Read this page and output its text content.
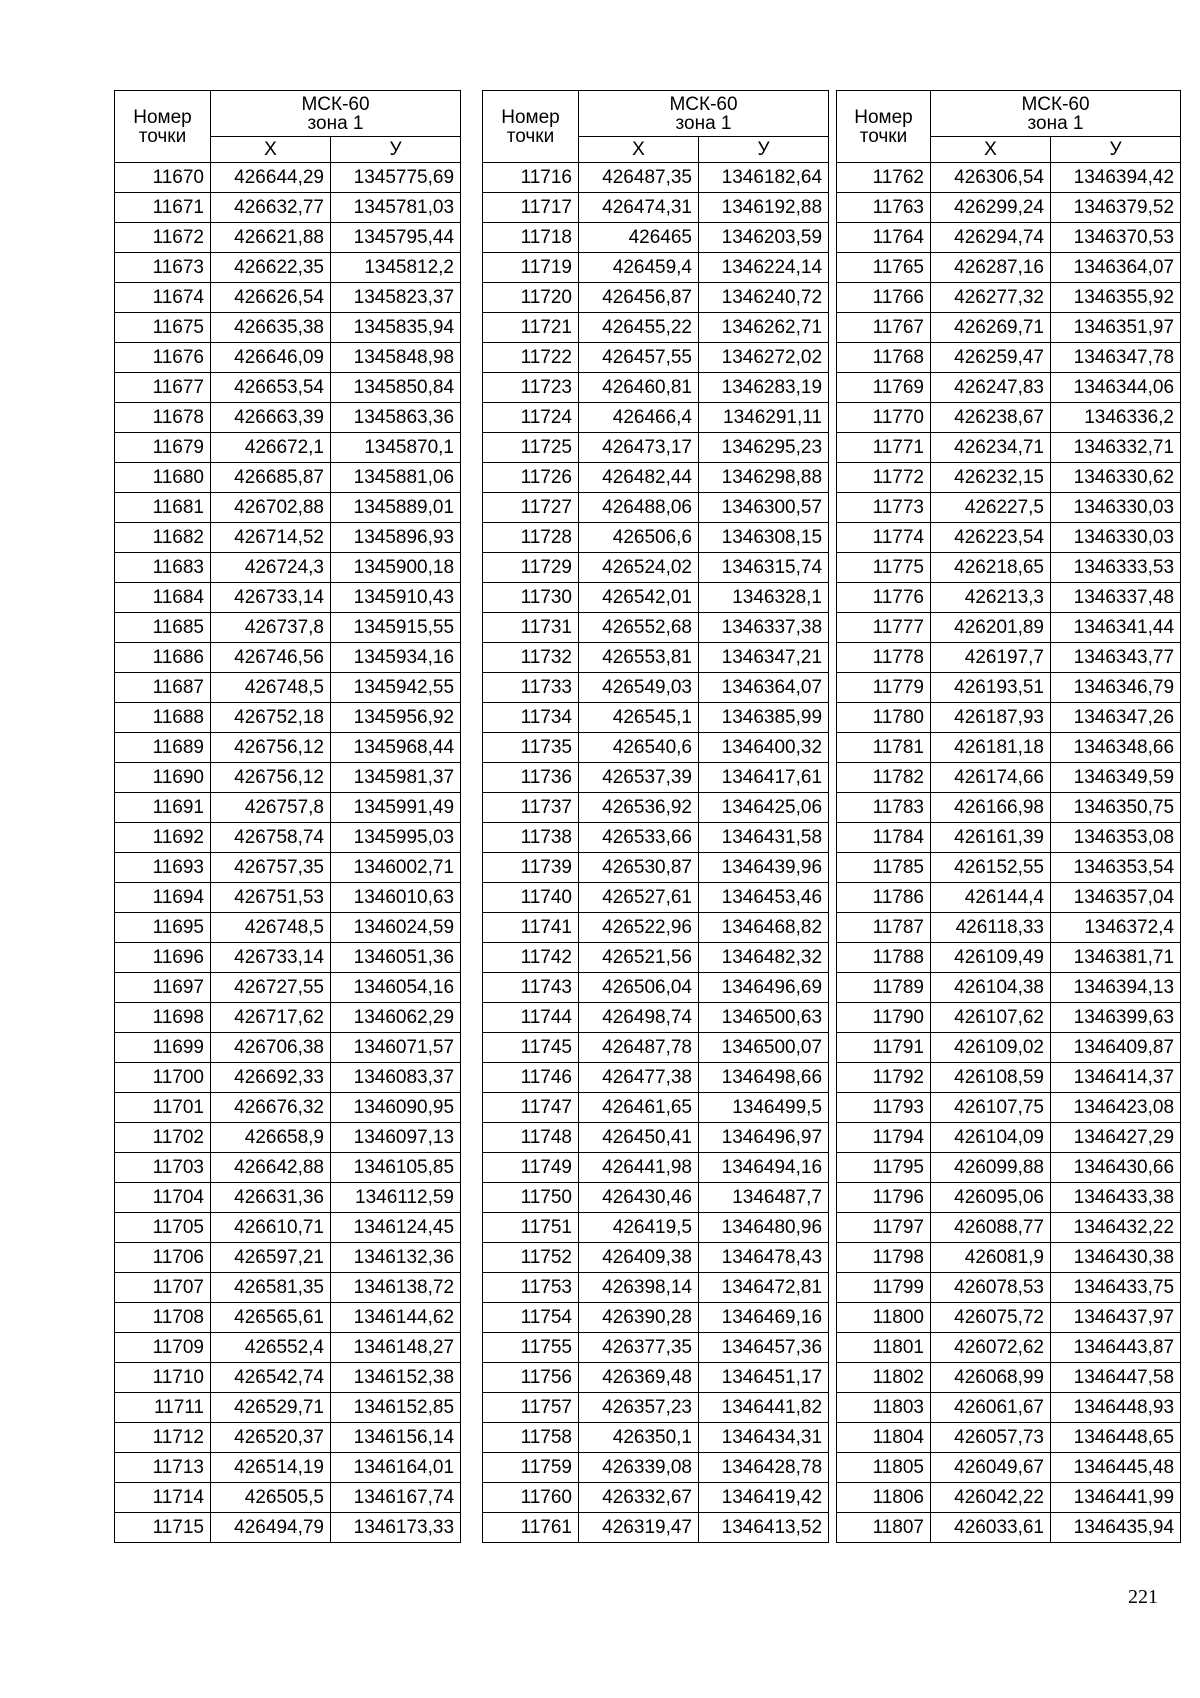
Номер
точки	МСК-60
зона 1	

	Х	У
11670	426644,29	1345775,69
11671	426632,77	1345781,03
11672	426621,88	1345795,44
11673	426622,35	1345812,2
11674	426626,54	1345823,37
11675	426635,38	1345835,94
11676	426646,09	1345848,98
11677	426653,54	1345850,84
11678	426663,39	1345863,36
11679	426672,1	1345870,1
11680	426685,87	1345881,06
11681	426702,88	1345889,01
11682	426714,52	1345896,93
11683	426724,3	1345900,18
11684	426733,14	1345910,43
11685	426737,8	1345915,55
11686	426746,56	1345934,16
11687	426748,5	1345942,55
11688	426752,18	1345956,92
11689	426756,12	1345968,44
11690	426756,12	1345981,37
11691	426757,8	1345991,49
11692	426758,74	1345995,03
11693	426757,35	1346002,71
11694	426751,53	1346010,63
11695	426748,5	1346024,59
11696	426733,14	1346051,36
11697	426727,55	1346054,16
11698	426717,62	1346062,29
11699	426706,38	1346071,57
11700	426692,33	1346083,37
11701	426676,32	1346090,95
11702	426658,9	1346097,13
11703	426642,88	1346105,85
11704	426631,36	1346112,59
11705	426610,71	1346124,45
11706	426597,21	1346132,36
11707	426581,35	1346138,72
11708	426565,61	1346144,62
11709	426552,4	1346148,27
11710	426542,74	1346152,38
11711	426529,71	1346152,85
11712	426520,37	1346156,14
11713	426514,19	1346164,01
11714	426505,5	1346167,74
11715	426494,79	1346173,33
Номер
точки	МСК-60
зона 1	

	Х	У
11716	426487,35	1346182,64
11717	426474,31	1346192,88
11718	426465	1346203,59
11719	426459,4	1346224,14
11720	426456,87	1346240,72
11721	426455,22	1346262,71
11722	426457,55	1346272,02
11723	426460,81	1346283,19
11724	426466,4	1346291,11
11725	426473,17	1346295,23
11726	426482,44	1346298,88
11727	426488,06	1346300,57
11728	426506,6	1346308,15
11729	426524,02	1346315,74
11730	426542,01	1346328,1
11731	426552,68	1346337,38
11732	426553,81	1346347,21
11733	426549,03	1346364,07
11734	426545,1	1346385,99
11735	426540,6	1346400,32
11736	426537,39	1346417,61
11737	426536,92	1346425,06
11738	426533,66	1346431,58
11739	426530,87	1346439,96
11740	426527,61	1346453,46
11741	426522,96	1346468,82
11742	426521,56	1346482,32
11743	426506,04	1346496,69
11744	426498,74	1346500,63
11745	426487,78	1346500,07
11746	426477,38	1346498,66
11747	426461,65	1346499,5
11748	426450,41	1346496,97
11749	426441,98	1346494,16
11750	426430,46	1346487,7
11751	426419,5	1346480,96
11752	426409,38	1346478,43
11753	426398,14	1346472,81
11754	426390,28	1346469,16
11755	426377,35	1346457,36
11756	426369,48	1346451,17
11757	426357,23	1346441,82
11758	426350,1	1346434,31
11759	426339,08	1346428,78
11760	426332,67	1346419,42
11761	426319,47	1346413,52
Номер
точки	МСК-60
зона 1	

	Х	У
11762	426306,54	1346394,42
11763	426299,24	1346379,52
11764	426294,74	1346370,53
11765	426287,16	1346364,07
11766	426277,32	1346355,92
11767	426269,71	1346351,97
11768	426259,47	1346347,78
11769	426247,83	1346344,06
11770	426238,67	1346336,2
11771	426234,71	1346332,71
11772	426232,15	1346330,62
11773	426227,5	1346330,03
11774	426223,54	1346330,03
11775	426218,65	1346333,53
11776	426213,3	1346337,48
11777	426201,89	1346341,44
11778	426197,7	1346343,77
11779	426193,51	1346346,79
11780	426187,93	1346347,26
11781	426181,18	1346348,66
11782	426174,66	1346349,59
11783	426166,98	1346350,75
11784	426161,39	1346353,08
11785	426152,55	1346353,54
11786	426144,4	1346357,04
11787	426118,33	1346372,4
11788	426109,49	1346381,71
11789	426104,38	1346394,13
11790	426107,62	1346399,63
11791	426109,02	1346409,87
11792	426108,59	1346414,37
11793	426107,75	1346423,08
11794	426104,09	1346427,29
11795	426099,88	1346430,66
11796	426095,06	1346433,38
11797	426088,77	1346432,22
11798	426081,9	1346430,38
11799	426078,53	1346433,75
11800	426075,72	1346437,97
11801	426072,62	1346443,87
11802	426068,99	1346447,58
11803	426061,67	1346448,93
11804	426057,73	1346448,65
11805	426049,67	1346445,48
11806	426042,22	1346441,99
11807	426033,61	1346435,94
221
